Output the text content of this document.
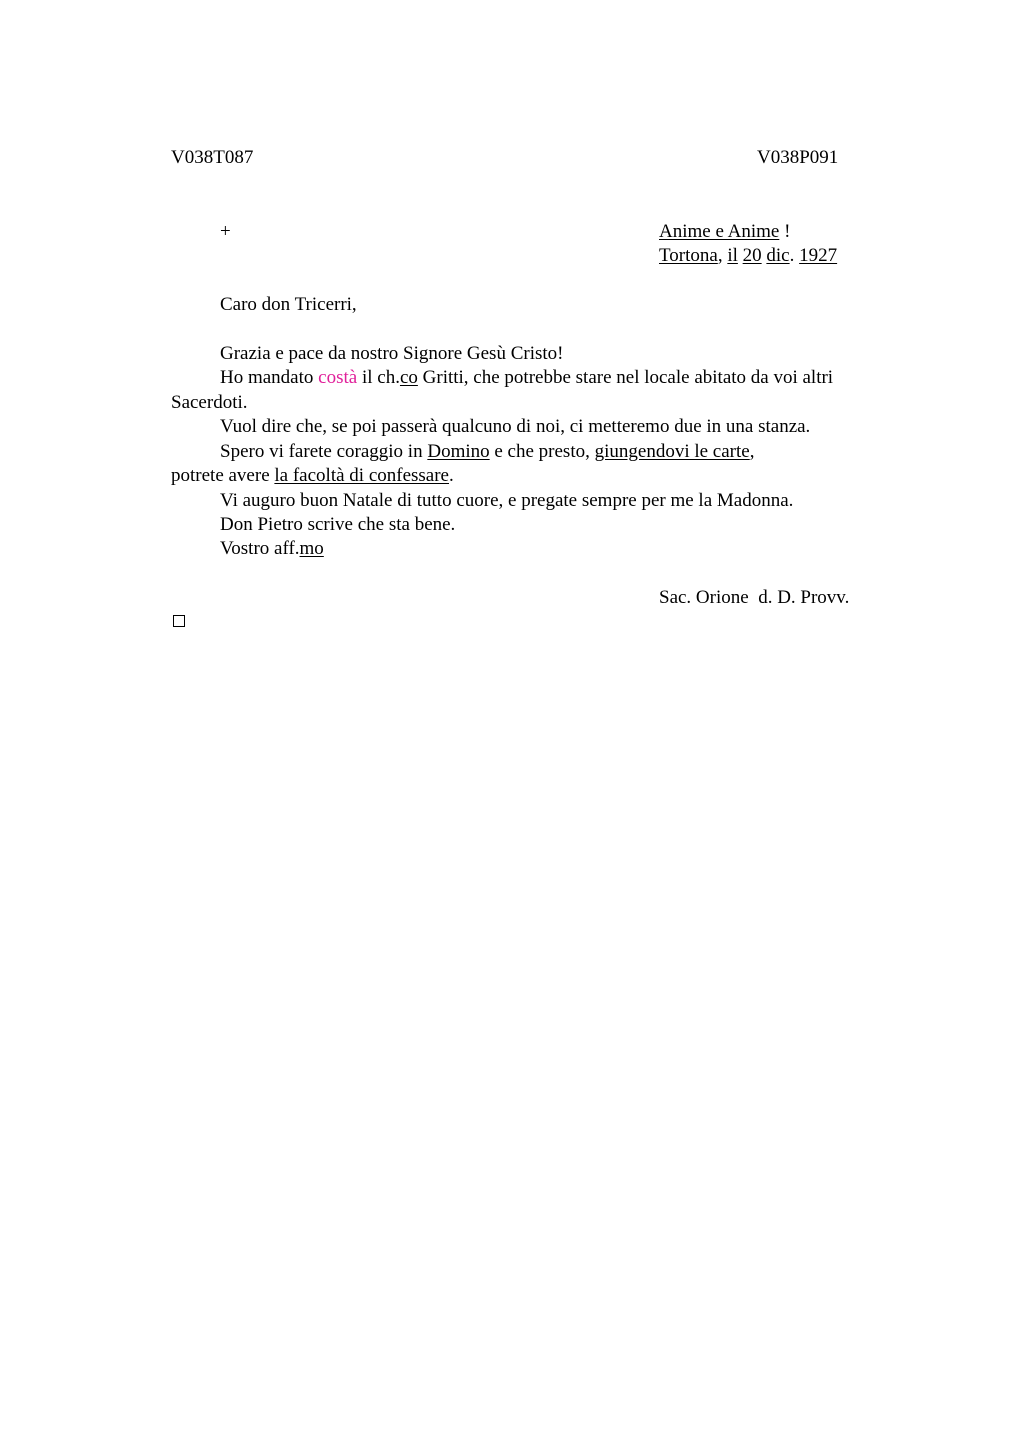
V038T087	V038P091
+	Anime e Anime !
Tortona, il 20 dic. 1927
Caro don Tricerri,
Grazia e pace da nostro Signore Gesù Cristo!
Ho mandato costà il ch.co Gritti, che potrebbe stare nel locale abitato da voi altri
Sacerdoti.
Vuol dire che, se poi passerà qualcuno di noi, ci metteremo due in una stanza.
Spero vi farete coraggio in Domino e che presto, giungendovi le carte,
potrete avere la facoltà di confessare.
Vi auguro buon Natale di tutto cuore, e pregate sempre per me la Madonna.
Don Pietro scrive che sta bene.
Vostro aff.mo
Sac. Orione  d. D. Provv.
